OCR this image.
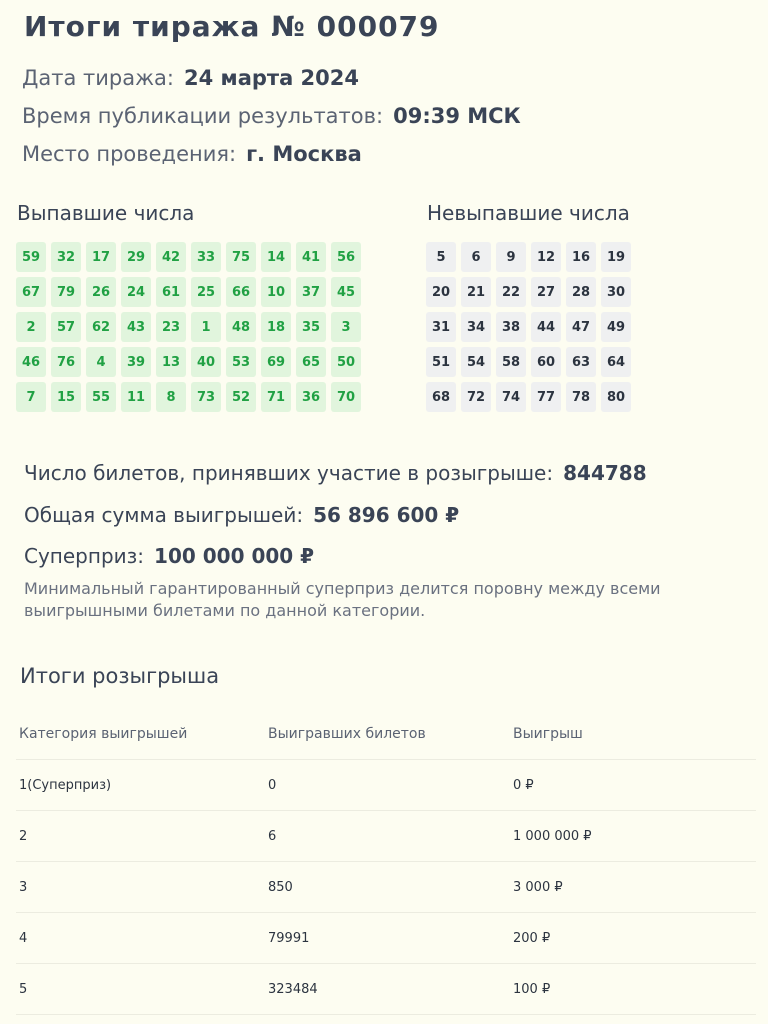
Итоги тиража № 000079
Дата тиража: 24 марта 2024
Время публикации результатов: 09:39 МСК
Место проведения: г. Москва
Выпавшие числа
59	32	17	29	42	33	75	14	41	56
67	79	26	24	61	25	66	10	37	45
2	57	62	43	23	1	48	18	35	3
46	76	4	39	13	40	53	69	65	50
7	15	55	11	8	73	52	71	36	70
Невыпавшие числа
5	6	9	12	16	19
20	21	22	27	28	30
31	34	38	44	47	49
51	54	58	60	63	64
68	72	74	77	78	80
Число билетов, принявших участие в розыгрыше: 844788
Общая сумма выигрышей: 56 896 600 ₽
Суперприз: 100 000 000 ₽
Минимальный гарантированный суперприз делится поровну между всеми выигрышными билетами по данной категории.
Итоги розыгрыша
Категория выигрышей	Выигравших билетов	Выигрыш
1(Суперприз)	0	0 ₽
2	6	1 000 000 ₽
3	850	3 000 ₽
4	79991	200 ₽
5	323484	100 ₽
